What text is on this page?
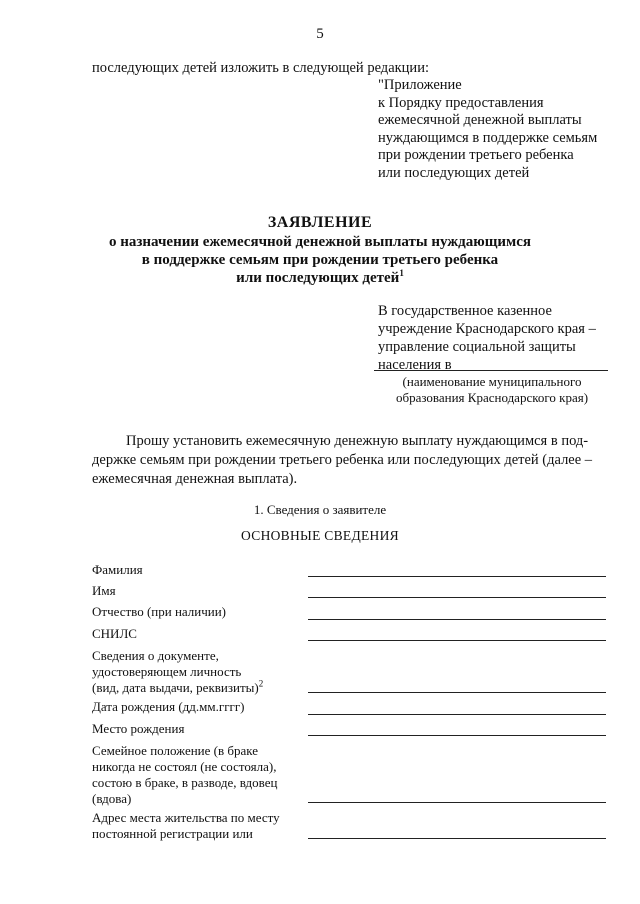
5
последующих детей изложить в следующей редакции:
"Приложение
к Порядку предоставления
ежемесячной денежной выплаты
нуждающимся в поддержке семьям
при рождении третьего ребенка
или последующих детей
ЗАЯВЛЕНИЕ
о назначении ежемесячной денежной выплаты нуждающимся
в поддержке семьям при рождении третьего ребенка
или последующих детей$^1$
В государственное казенное
учреждение Краснодарского края –
управление социальной защиты
населения в
(наименование муниципального
образования Краснодарского края)
Прошу установить ежемесячную денежную выплату нуждающимся в под-
держке семьям при рождении третьего ребенка или последующих детей (далее –
ежемесячная денежная выплата).
1. Сведения о заявителе
ОСНОВНЫЕ СВЕДЕНИЯ
Фамилия
Имя
Отчество (при наличии)
СНИЛС
Сведения о документе,
удостоверяющем личность
(вид, дата выдачи, реквизиты)$^2$
Дата рождения (дд.мм.гггг)
Место рождения
Семейное положение (в браке
никогда не состоял (не состояла),
состою в браке, в разводе, вдовец
(вдова)
Адрес места жительства по месту
постоянной регистрации или
